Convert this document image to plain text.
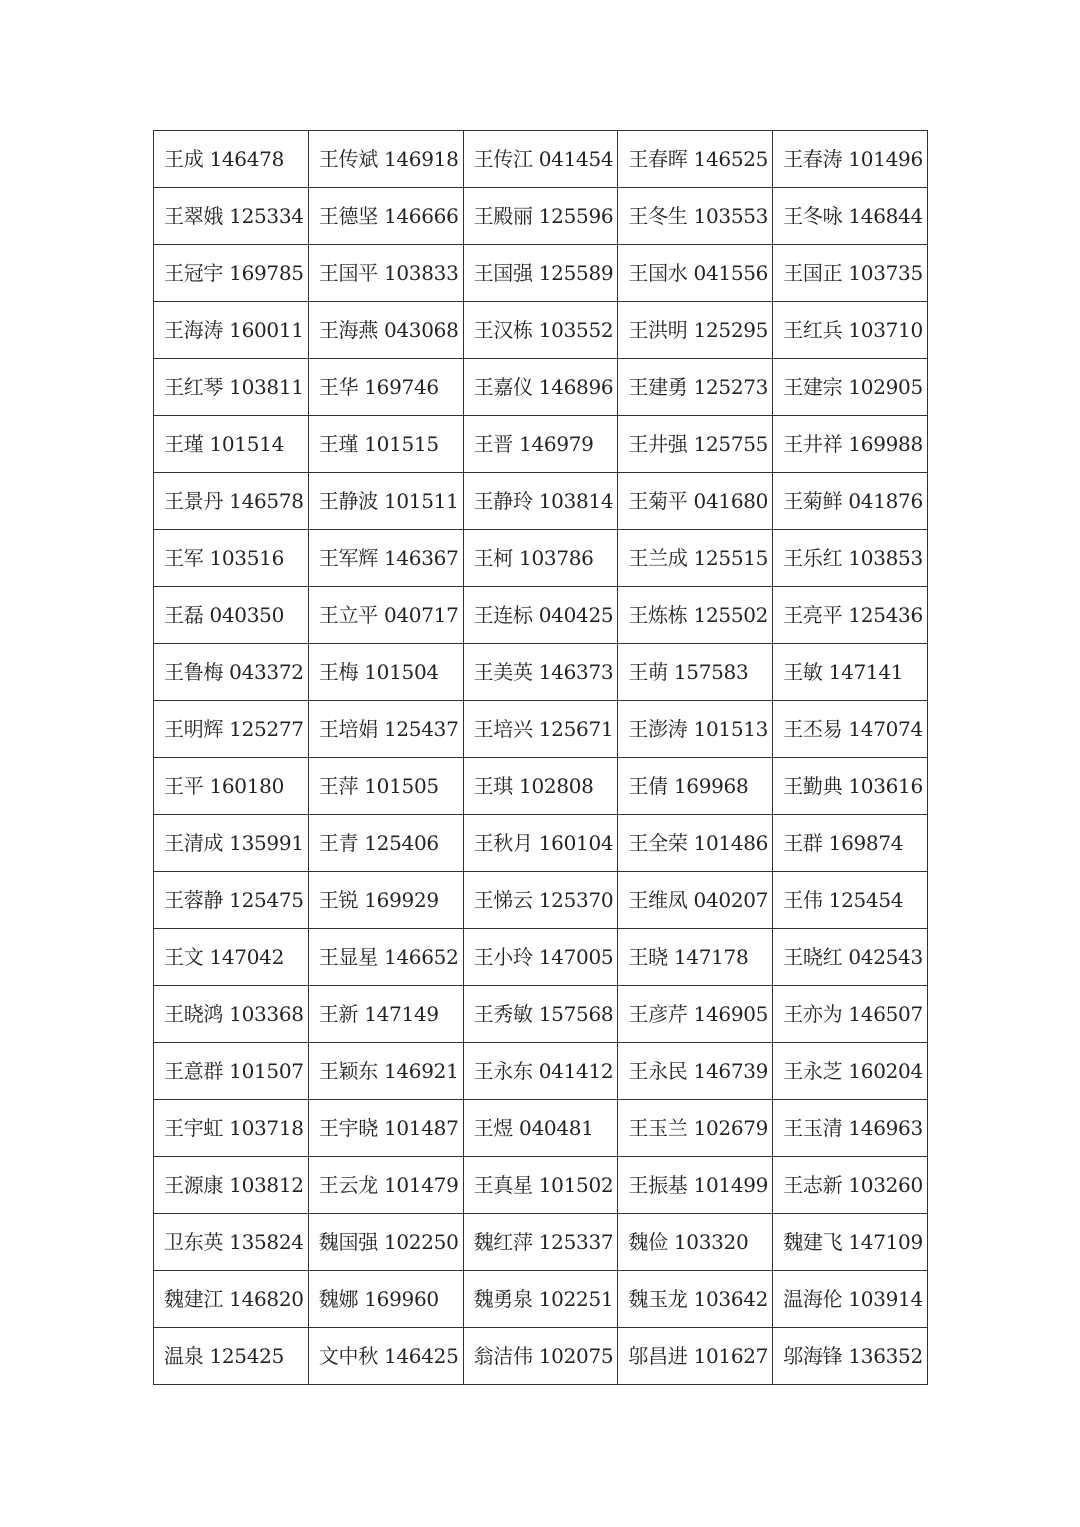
王成 146478	王传斌 146918	王传江 041454	王春晖 146525	王春涛 101496
王翠娥 125334	王德坚 146666	王殿丽 125596	王冬生 103553	王冬咏 146844
王冠宇 169785	王国平 103833	王国强 125589	王国水 041556	王国正 103735
王海涛 160011	王海燕 043068	王汉栋 103552	王洪明 125295	王红兵 103710
王红琴 103811	王华 169746	王嘉仪 146896	王建勇 125273	王建宗 102905
王瑾 101514	王瑾 101515	王晋 146979	王井强 125755	王井祥 169988
王景丹 146578	王静波 101511	王静玲 103814	王菊平 041680	王菊鲜 041876
王军 103516	王军辉 146367	王柯 103786	王兰成 125515	王乐红 103853
王磊 040350	王立平 040717	王连标 040425	王炼栋 125502	王亮平 125436
王鲁梅 043372	王梅 101504	王美英 146373	王萌 157583	王敏 147141
王明辉 125277	王培娟 125437	王培兴 125671	王澎涛 101513	王丕易 147074
王平 160180	王萍 101505	王琪 102808	王倩 169968	王勤典 103616
王清成 135991	王青 125406	王秋月 160104	王全荣 101486	王群 169874
王蓉静 125475	王锐 169929	王悌云 125370	王维凤 040207	王伟 125454
王文 147042	王显星 146652	王小玲 147005	王晓 147178	王晓红 042543
王晓鸿 103368	王新 147149	王秀敏 157568	王彦芹 146905	王亦为 146507
王意群 101507	王颖东 146921	王永东 041412	王永民 146739	王永芝 160204
王宇虹 103718	王宇晓 101487	王煜 040481	王玉兰 102679	王玉清 146963
王源康 103812	王云龙 101479	王真星 101502	王振基 101499	王志新 103260
卫东英 135824	魏国强 102250	魏红萍 125337	魏俭 103320	魏建飞 147109
魏建江 146820	魏娜 169960	魏勇泉 102251	魏玉龙 103642	温海伦 103914
温泉 125425	文中秋 146425	翁洁伟 102075	邬昌进 101627	邬海锋 136352
